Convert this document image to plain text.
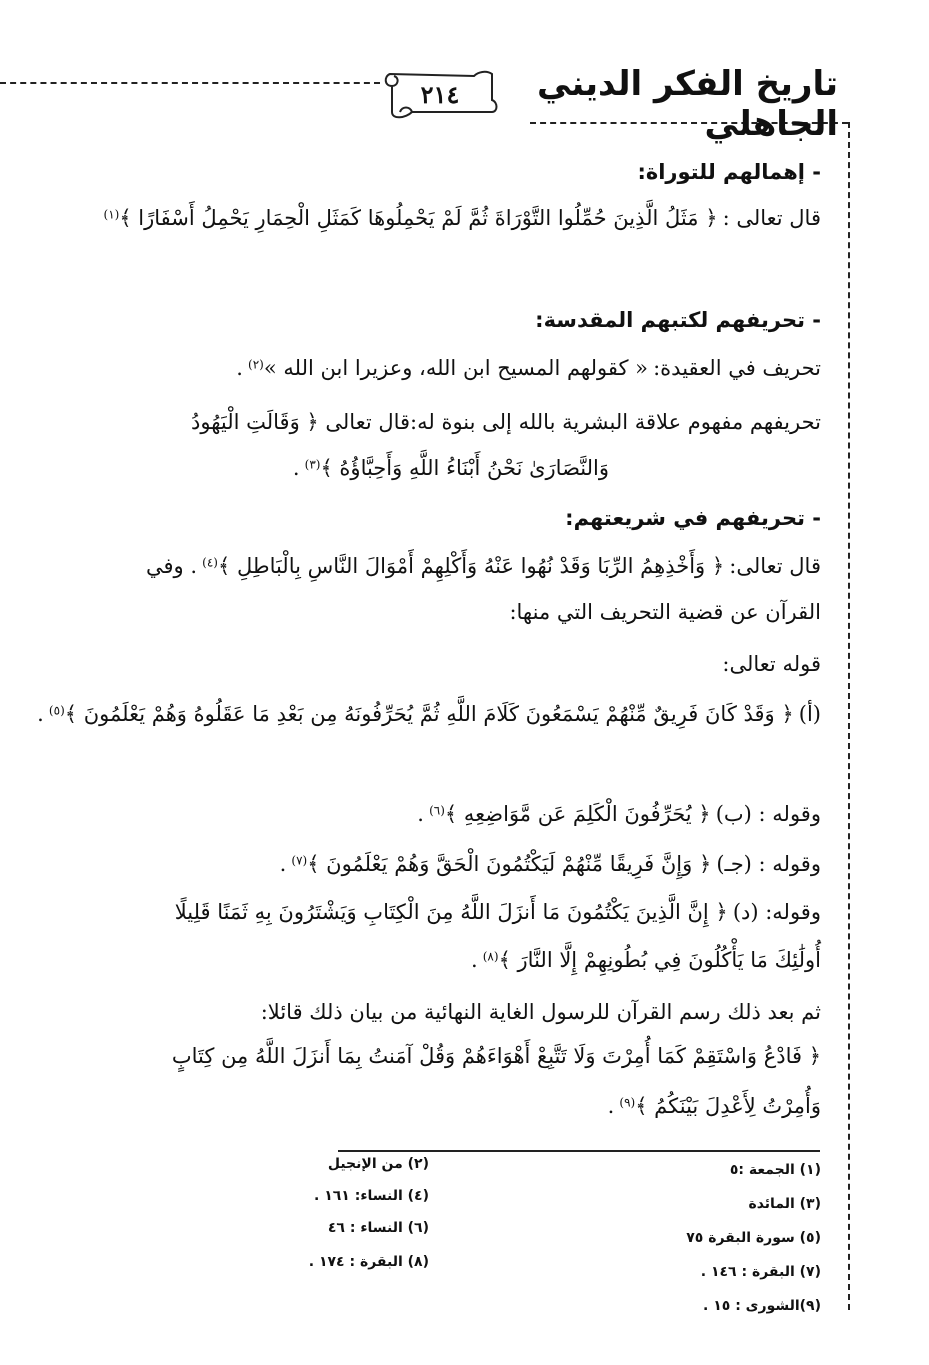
تاريخ الفكر الديني الجاهلي
٢١٤
- إهمالهم للتوراة:
قال تعالى : ﴿ مَثَلُ الَّذِينَ حُمِّلُوا التَّوْرَاةَ ثُمَّ لَمْ يَحْمِلُوهَا كَمَثَلِ الْحِمَارِ يَحْمِلُ أَسْفَارًا ﴾$^{(١)}$
- تحريفهم لكتبهم المقدسة:
تحريف في العقيدة: « كقولهم المسيح ابن الله، وعزيرا ابن الله »$^{(٢)}$ .
تحريفهم مفهوم علاقة البشرية بالله إلى بنوة له:قال تعالى ﴿ وَقَالَتِ الْيَهُودُ
وَالنَّصَارَىٰ نَحْنُ أَبْنَاءُ اللَّهِ وَأَحِبَّاؤُهُ ﴾$^{(٣)}$ .
- تحريفهم في شريعتهم:
قال تعالى: ﴿ وَأَخْذِهِمُ الرِّبَا وَقَدْ نُهُوا عَنْهُ وَأَكْلِهِمْ أَمْوَالَ النَّاسِ بِالْبَاطِلِ ﴾$^{(٤)}$ . وفي
القرآن عن قضية التحريف التي منها:
قوله تعالى:
(أ) ﴿ وَقَدْ كَانَ فَرِيقٌ مِّنْهُمْ يَسْمَعُونَ كَلَامَ اللَّهِ ثُمَّ يُحَرِّفُونَهُ مِن بَعْدِ مَا عَقَلُوهُ وَهُمْ يَعْلَمُونَ ﴾$^{(٥)}$ .
وقوله : (ب) ﴿ يُحَرِّفُونَ الْكَلِمَ عَن مَّوَاضِعِهِ ﴾$^{(٦)}$ .
وقوله : (جـ) ﴿ وَإِنَّ فَرِيقًا مِّنْهُمْ لَيَكْتُمُونَ الْحَقَّ وَهُمْ يَعْلَمُونَ ﴾$^{(٧)}$ .
وقوله: (د) ﴿ إِنَّ الَّذِينَ يَكْتُمُونَ مَا أَنزَلَ اللَّهُ مِنَ الْكِتَابِ وَيَشْتَرُونَ بِهِ ثَمَنًا قَلِيلًا
أُولَٰئِكَ مَا يَأْكُلُونَ فِي بُطُونِهِمْ إِلَّا النَّارَ ﴾$^{(٨)}$ .
ثم بعد ذلك رسم القرآن للرسول الغاية النهائية من بيان ذلك قائلا:
﴿ فَادْعُ وَاسْتَقِمْ كَمَا أُمِرْتَ وَلَا تَتَّبِعْ أَهْوَاءَهُمْ وَقُلْ آمَنتُ بِمَا أَنزَلَ اللَّهُ مِن كِتَابٍ
وَأُمِرْتُ لِأَعْدِلَ بَيْنَكُمُ ﴾$^{(٩)}$ .
(١) الجمعة :٥
(٣) المائدة
(٥) سورة البقرة ٧٥
(٧) البقرة : ١٤٦ .
(٩)الشورى : ١٥ .
(٢) من الإنجيل
(٤) النساء: ١٦١ .
(٦) النساء : ٤٦
(٨) البقرة : ١٧٤ .
